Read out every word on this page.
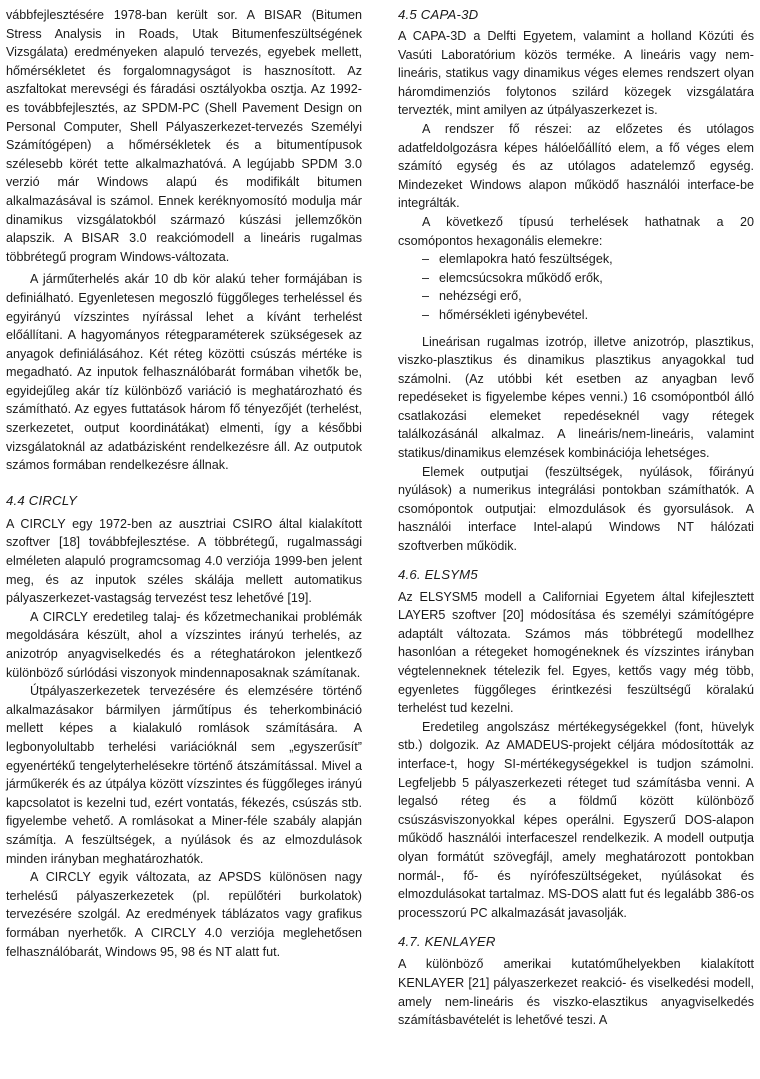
vábbfejlesztésére 1978-ban került sor. A BISAR (Bitumen Stress Analysis in Roads, Utak Bitumenfeszültségének Vizsgálata) eredményeken alapuló tervezés, egyebek mellett, hőmérsékletet és forgalomnagyságot is hasznosított. Az aszfaltokat merevségi és fáradási osztályokba osztja. Az 1992-es továbbfejlesztés, az SPDM-PC (Shell Pavement Design on Personal Computer, Shell Pályaszerkezet-tervezés Személyi Számítógépen) a hőmérsékletek és a bitumentípusok szélesebb körét tette alkalmazhatóvá. A legújabb SPDM 3.0 verzió már Windows alapú és modifikált bitumen alkalmazásával is számol. Ennek keréknyomosító modulja már dinamikus vizsgálatokból származó kúszási jellemzőkön alapszik. A BISAR 3.0 reakciómodell a lineáris rugalmas többrétegű program Windows-változata.

A járműterhelés akár 10 db kör alakú teher formájában is definiálható. Egyenletesen megoszló függőleges terheléssel és egyirányú vízszintes nyírással lehet a kívánt terhelést előállítani. A hagyományos rétegparaméterek szükségesek az anyagok definiálásához. Két réteg közötti csúszás mértéke is megadható. Az inputok felhasználóbarát formában vihetők be, egyidejűleg akár tíz különböző variáció is meghatározható és számítható. Az egyes futtatások három fő tényezőjét (terhelést, szerkezetet, output koordinátákat) elmenti, így a későbbi vizsgálatoknál az adatbázisként rendelkezésre áll. Az outputok számos formában rendelkezésre állnak.

4.4 CIRCLY

A CIRCLY egy 1972-ben az ausztriai CSIRO által kialakított szoftver [18] továbbfejlesztése. A többrétegű, rugalmassági elméleten alapuló programcsomag 4.0 verziója 1999-ben jelent meg, és az inputok széles skálája mellett automatikus pályaszerkezet-vastagság tervezést tesz lehetővé [19].

A CIRCLY eredetileg talaj- és kőzetmechanikai problémák megoldására készült, ahol a vízszintes irányú terhelés, az anizotróp anyagviselkedés és a réteghatárokon jelentkező különböző súrlódási viszonyok mindennaposaknak számítanak.

Útpályaszerkezetek tervezésére és elemzésére történő alkalmazásakor bármilyen járműtípus és teherkombináció mellett képes a kialakuló romlások számítására. A legbonyolultabb terhelési variációknál sem „egyszerűsít” egyenértékű tengelyterhelésekre történő átszámítással. Mivel a járműkerék és az útpálya között vízszintes és függőleges irányú kapcsolatot is kezelni tud, ezért vontatás, fékezés, csúszás stb. figyelembe vehető. A romlásokat a Miner-féle szabály alapján számítja. A feszültségek, a nyúlások és az elmozdulások minden irányban meghatározhatók.

A CIRCLY egyik változata, az APSDS különösen nagy terhelésű pályaszerkezetek (pl. repülőtéri burkolatok) tervezésére szolgál. Az eredmények táblázatos vagy grafikus formában nyerhetők. A CIRCLY 4.0 verziója meglehetősen felhasználóbarát, Windows 95, 98 és NT alatt fut.

4.5 CAPA-3D

A CAPA-3D a Delfti Egyetem, valamint a holland Közúti és Vasúti Laboratórium közös terméke. A lineáris vagy nem-lineáris, statikus vagy dinamikus véges elemes rendszert olyan háromdimenziós folytonos szilárd közegek vizsgálatára tervezték, mint amilyen az útpályaszerkezet is.

A rendszer fő részei: az előzetes és utólagos adatfeldolgozásra képes hálóelőállító elem, a fő véges elem számító egység és az utólagos adatelemző egység. Mindezeket Windows alapon működő használói interface-be integrálták.

A következő típusú terhelések hathatnak a 20 csomópontos hexagonális elemekre:

– elemlapokra ható feszültségek,
– elemcsúcsokra működő erők,
– nehézségi erő,
– hőmérsékleti igénybevétel.

Lineárisan rugalmas izotróp, illetve anizotróp, plasztikus, viszko-plasztikus és dinamikus plasztikus anyagokkal tud számolni. (Az utóbbi két esetben az anyagban levő repedéseket is figyelembe képes venni.) 16 csomópontból álló csatlakozási elemeket repedéseknél vagy rétegek találkozásánál alkalmaz. A lineáris/nem-lineáris, valamint statikus/dinamikus elemzések kombinációja lehetséges.

Elemek outputjai (feszültségek, nyúlások, főirányú nyúlások) a numerikus integrálási pontokban számíthatók. A csomópontok outputjai: elmozdulások és gyorsulások. A használói interface Intel-alapú Windows NT hálózati szoftverben működik.

4.6. ELSYM5

Az ELSYSM5 modell a Californiai Egyetem által kifejlesztett LAYER5 szoftver [20] módosítása és személyi számítógépre adaptált változata. Számos más többrétegű modellhez hasonlóan a rétegeket homogéneknek és vízszintes irányban végtelenneknek tételezik fel. Egyes, kettős vagy még több, egyenletes függőleges érintkezési feszültségű köralakú terhelést tud kezelni.

Eredetileg angolszász mértékegységekkel (font, hüvelyk stb.) dolgozik. Az AMADEUS-projekt céljára módosították az interface-t, hogy SI-mértékegységekkel is tudjon számolni. Legfeljebb 5 pályaszerkezeti réteget tud számításba venni. A legalsó réteg és a földmű között különböző csúszásviszonyokkal képes operálni. Egyszerű DOS-alapon működő használói interfaceszel rendelkezik. A modell outputja olyan formátút szövegfájl, amely meghatározott pontokban normál-, fő- és nyírófeszültségeket, nyúlásokat és elmozdulásokat tartalmaz. MS-DOS alatt fut és legalább 386-os processzorú PC alkalmazását javasolják.

4.7. KENLAYER

A különböző amerikai kutatóműhelyekben kialakított KENLAYER [21] pályaszerkezet reakció- és viselkedési modell, amely nem-lineáris és viszko-elasztikus anyagviselkedés számításbavételét is lehetővé teszi. A
